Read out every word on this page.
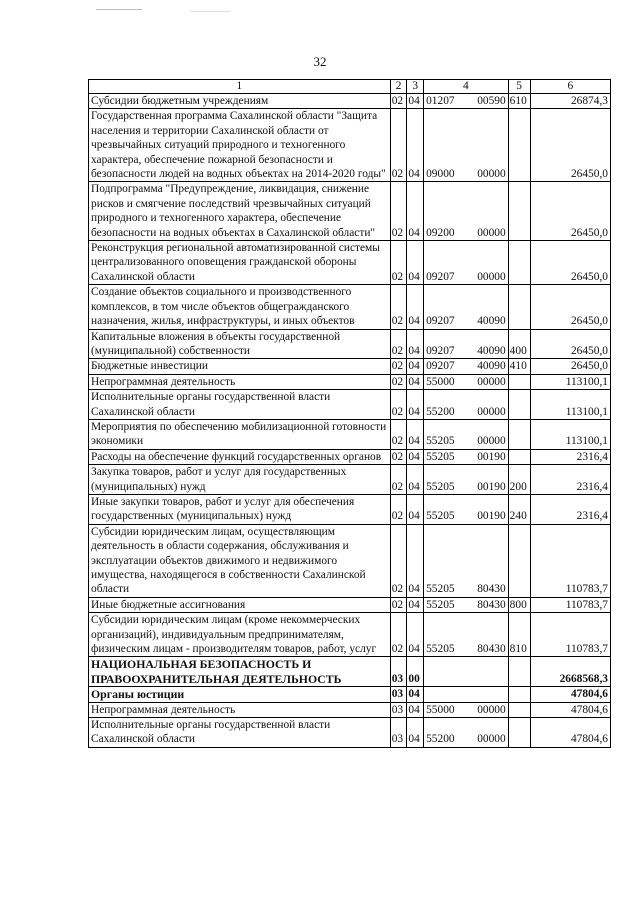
32
1	2	3	4	5	6
Субсидии бюджетным учреждениям	02	04	01207 00590	610	26874,3
Государственная программа Сахалинской области "Защита населения и территории Сахалинской области от чрезвычайных ситуаций природного и техногенного характера, обеспечение пожарной безопасности и безопасности людей на водных объектах на 2014-2020 годы"	02	04	09000 00000		26450,0
Подпрограмма "Предупреждение, ликвидация, снижение рисков и смягчение последствий чрезвычайных ситуаций природного и техногенного характера, обеспечение безопасности на водных объектах в Сахалинской области"	02	04	09200 00000		26450,0
Реконструкция региональной автоматизированной системы централизованного оповещения гражданской обороны Сахалинской области	02	04	09207 00000		26450,0
Создание объектов социального и производственного комплексов, в том числе объектов общегражданского назначения, жилья, инфраструктуры, и иных объектов	02	04	09207 40090		26450,0
Капитальные вложения в объекты государственной (муниципальной) собственности	02	04	09207 40090	400	26450,0
Бюджетные инвестиции	02	04	09207 40090	410	26450,0
Непрограммная деятельность	02	04	55000 00000		113100,1
Исполнительные органы государственной власти Сахалинской области	02	04	55200 00000		113100,1
Мероприятия по обеспечению мобилизационной готовности экономики	02	04	55205 00000		113100,1
Расходы на обеспечение функций государственных органов	02	04	55205 00190		2316,4
Закупка товаров, работ и услуг для государственных (муниципальных) нужд	02	04	55205 00190	200	2316,4
Иные закупки товаров, работ и услуг для обеспечения государственных (муниципальных) нужд	02	04	55205 00190	240	2316,4
Субсидии юридическим лицам, осуществляющим деятельность в области содержания, обслуживания и эксплуатации объектов движимого и недвижимого имущества, находящегося в собственности Сахалинской области	02	04	55205 80430		110783,7
Иные бюджетные ассигнования	02	04	55205 80430	800	110783,7
Субсидии юридическим лицам (кроме некоммерческих организаций), индивидуальным предпринимателям, физическим лицам - производителям товаров, работ, услуг	02	04	55205 80430	810	110783,7
НАЦИОНАЛЬНАЯ БЕЗОПАСНОСТЬ И ПРАВООХРАНИТЕЛЬНАЯ ДЕЯТЕЛЬНОСТЬ	03	00			2668568,3
Органы юстиции	03	04			47804,6
Непрограммная деятельность	03	04	55000 00000		47804,6
Исполнительные органы государственной власти Сахалинской области	03	04	55200 00000		47804,6
